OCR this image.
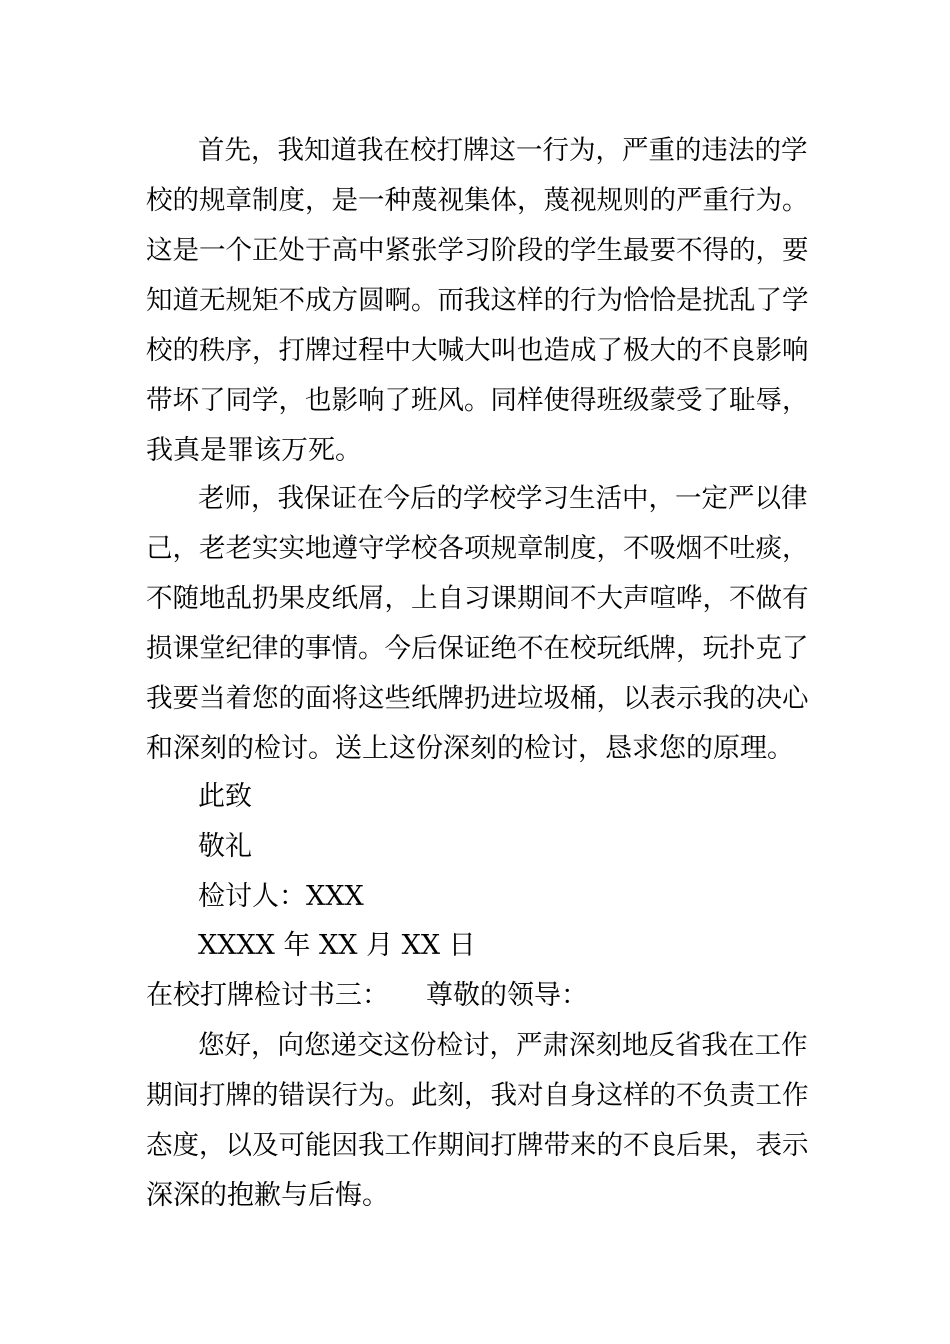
首先，我知道我在校打牌这一行为，严重的违法的学
校的规章制度，是一种蔑视集体，蔑视规则的严重行为。
这是一个正处于高中紧张学习阶段的学生最要不得的，要
知道无规矩不成方圆啊。而我这样的行为恰恰是扰乱了学
校的秩序，打牌过程中大喊大叫也造成了极大的不良影响
带坏了同学，也影响了班风。同样使得班级蒙受了耻辱，
我真是罪该万死。
老师，我保证在今后的学校学习生活中，一定严以律
己，老老实实地遵守学校各项规章制度，不吸烟不吐痰，
不随地乱扔果皮纸屑，上自习课期间不大声喧哗，不做有
损课堂纪律的事情。今后保证绝不在校玩纸牌，玩扑克了
我要当着您的面将这些纸牌扔进垃圾桶，以表示我的决心
和深刻的检讨。送上这份深刻的检讨，恳求您的原理。
此致
敬礼
检讨人：XXX
XXXX 年 XX 月 XX 日
在校打牌检讨书三： 尊敬的领导：
您好，向您递交这份检讨，严肃深刻地反省我在工作
期间打牌的错误行为。此刻，我对自身这样的不负责工作
态度，以及可能因我工作期间打牌带来的不良后果，表示
深深的抱歉与后悔。
